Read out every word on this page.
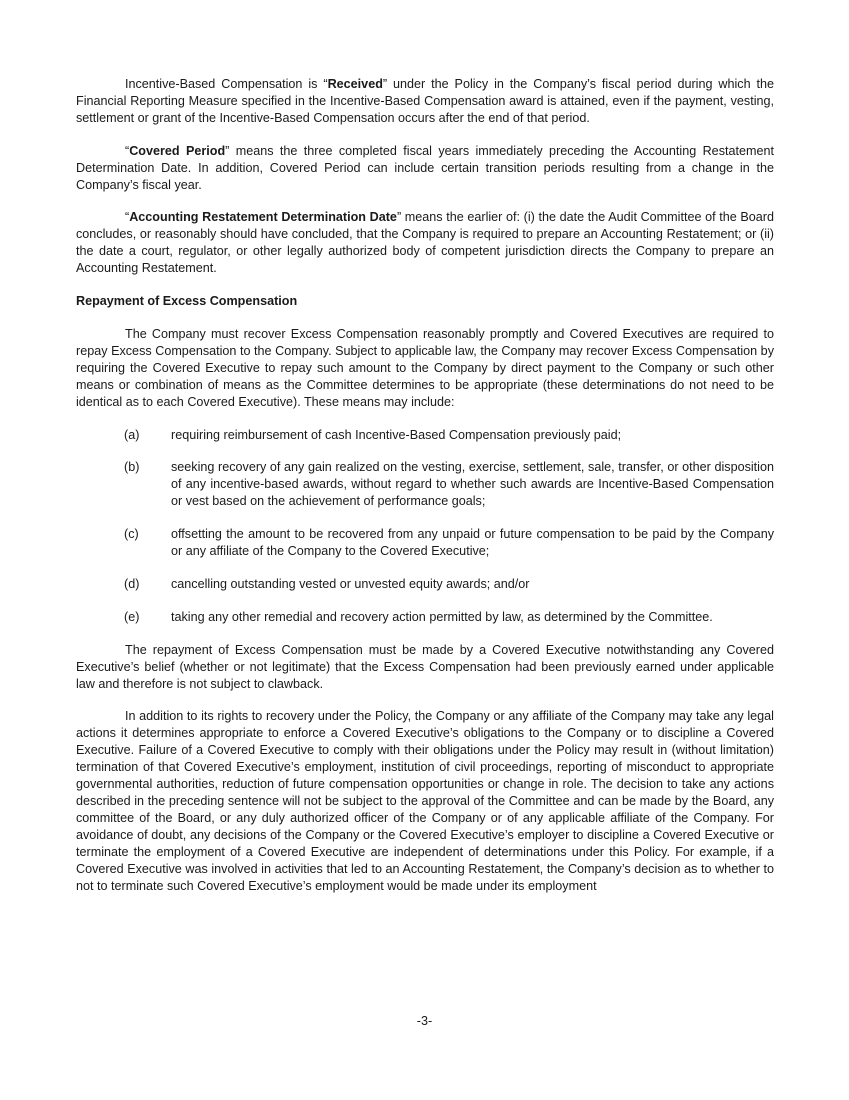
Incentive-Based Compensation is “Received” under the Policy in the Company’s fiscal period during which the Financial Reporting Measure specified in the Incentive-Based Compensation award is attained, even if the payment, vesting, settlement or grant of the Incentive-Based Compensation occurs after the end of that period.

“Covered Period” means the three completed fiscal years immediately preceding the Accounting Restatement Determination Date. In addition, Covered Period can include certain transition periods resulting from a change in the Company’s fiscal year.

“Accounting Restatement Determination Date” means the earlier of: (i) the date the Audit Committee of the Board concludes, or reasonably should have concluded, that the Company is required to prepare an Accounting Restatement; or (ii) the date a court, regulator, or other legally authorized body of competent jurisdiction directs the Company to prepare an Accounting Restatement.

Repayment of Excess Compensation

The Company must recover Excess Compensation reasonably promptly and Covered Executives are required to repay Excess Compensation to the Company. Subject to applicable law, the Company may recover Excess Compensation by requiring the Covered Executive to repay such amount to the Company by direct payment to the Company or such other means or combination of means as the Committee determines to be appropriate (these determinations do not need to be identical as to each Covered Executive). These means may include:

(a)	requiring reimbursement of cash Incentive-Based Compensation previously paid;
(b)	seeking recovery of any gain realized on the vesting, exercise, settlement, sale, transfer, or other disposition of any incentive-based awards, without regard to whether such awards are Incentive-Based Compensation or vest based on the achievement of performance goals;
(c)	offsetting the amount to be recovered from any unpaid or future compensation to be paid by the Company or any affiliate of the Company to the Covered Executive;
(d)	cancelling outstanding vested or unvested equity awards; and/or
(e)	taking any other remedial and recovery action permitted by law, as determined by the Committee.

The repayment of Excess Compensation must be made by a Covered Executive notwithstanding any Covered Executive’s belief (whether or not legitimate) that the Excess Compensation had been previously earned under applicable law and therefore is not subject to clawback.

In addition to its rights to recovery under the Policy, the Company or any affiliate of the Company may take any legal actions it determines appropriate to enforce a Covered Executive’s obligations to the Company or to discipline a Covered Executive. Failure of a Covered Executive to comply with their obligations under the Policy may result in (without limitation) termination of that Covered Executive’s employment, institution of civil proceedings, reporting of misconduct to appropriate governmental authorities, reduction of future compensation opportunities or change in role. The decision to take any actions described in the preceding sentence will not be subject to the approval of the Committee and can be made by the Board, any committee of the Board, or any duly authorized officer of the Company or of any applicable affiliate of the Company. For avoidance of doubt, any decisions of the Company or the Covered Executive’s employer to discipline a Covered Executive or terminate the employment of a Covered Executive are independent of determinations under this Policy. For example, if a Covered Executive was involved in activities that led to an Accounting Restatement, the Company’s decision as to whether to not to terminate such Covered Executive’s employment would be made under its employment

-3-
